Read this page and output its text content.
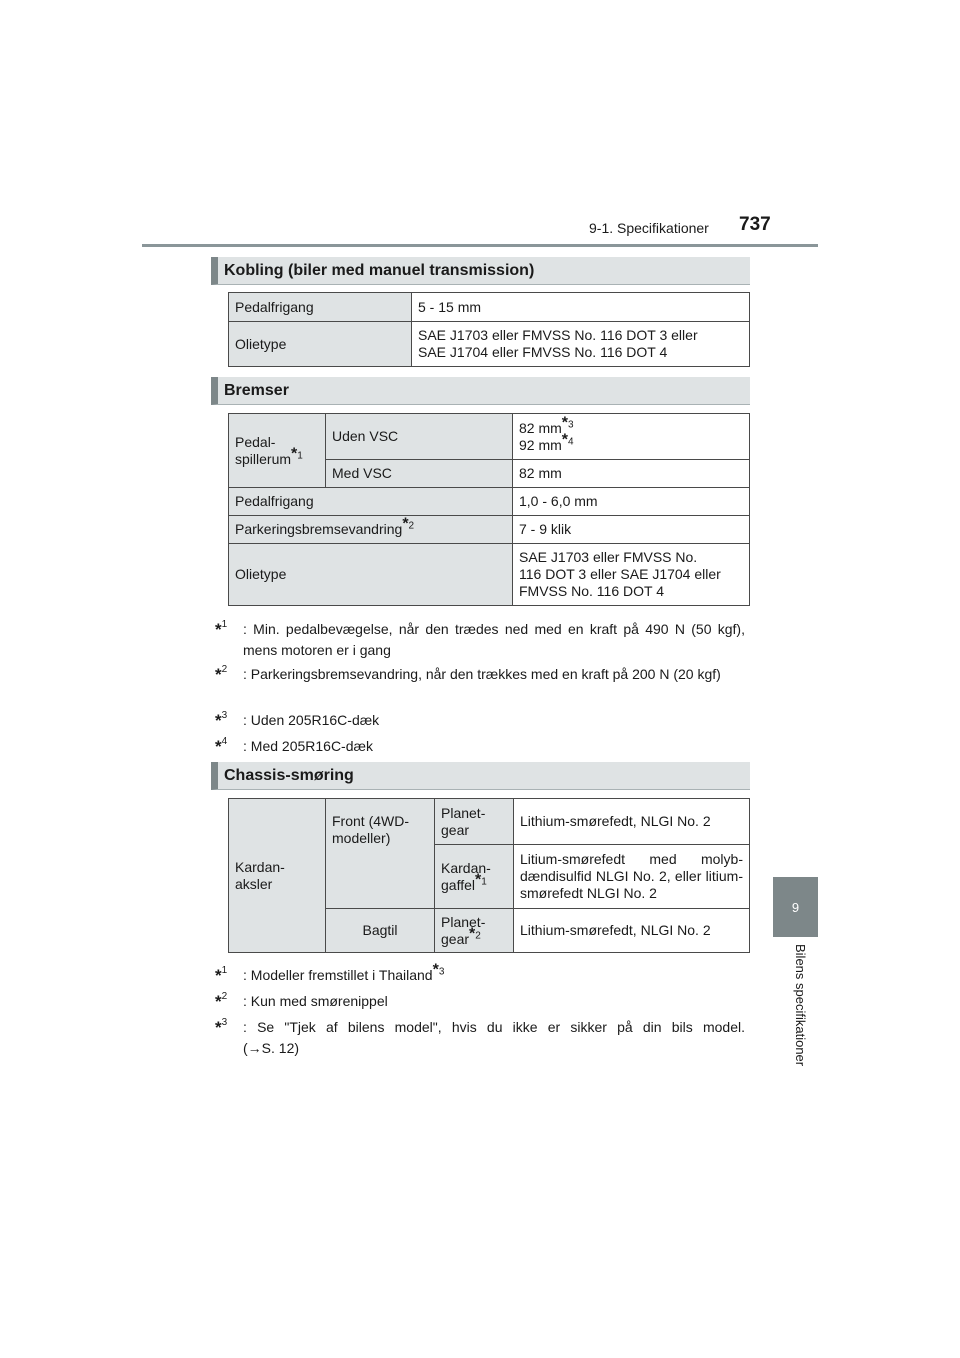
9-1. Specifikationer 737
9
Bilens specifikationer
Kobling (biler med manuel transmission)
Pedalfrigang	5 - 15 mm
Olietype	SAE J1703 eller FMVSS No. 116 DOT 3 eller
SAE J1704 eller FMVSS No. 116 DOT 4
Bremser
Pedal-
spillerum$^{*1}$	Uden VSC	82 $mm^{*3}$
92 $mm^{*4}$
	Med VSC	82 mm
Pedalfrigang		1,0 - 6,0 mm
Parkeringsbremsevandring$^{*2}$		7 - 9 klik
Olietype		SAE J1703 eller FMVSS No.
116 DOT 3 eller SAE J1704 eller
FMVSS No. 116 DOT 4
*$^1$ : Min. pedalbevægelse, når den trædes ned med en kraft på 490 N (50 kgf), mens motoren er i gang
*$^2$ : Parkeringsbremsevandring, når den trækkes med en kraft på 200 N (20 kgf)
*$^3$ : Uden 205R16C-dæk
*$^4$ : Med 205R16C-dæk
Chassis-smøring
Kardan-
aksler	Front (4WD-
modeller)	Planet-
gear	Lithium-smørefedt, NLGI No. 2
		Kardan-
gaffel$^{*1}$	Litium-smørefedt med molyb-dændisulfid NLGI No. 2, eller litium-smørefedt NLGI No. 2
	Bagtil	Planet-
gear$^{*2}$	Lithium-smørefedt, NLGI No. 2
*$^1$ : Modeller fremstillet i Thailand$^{*3}$
*$^2$ : Kun med smørenippel
*$^3$ : Se "Tjek af bilens model", hvis du ikke er sikker på din bils model.
(→S. 12)
